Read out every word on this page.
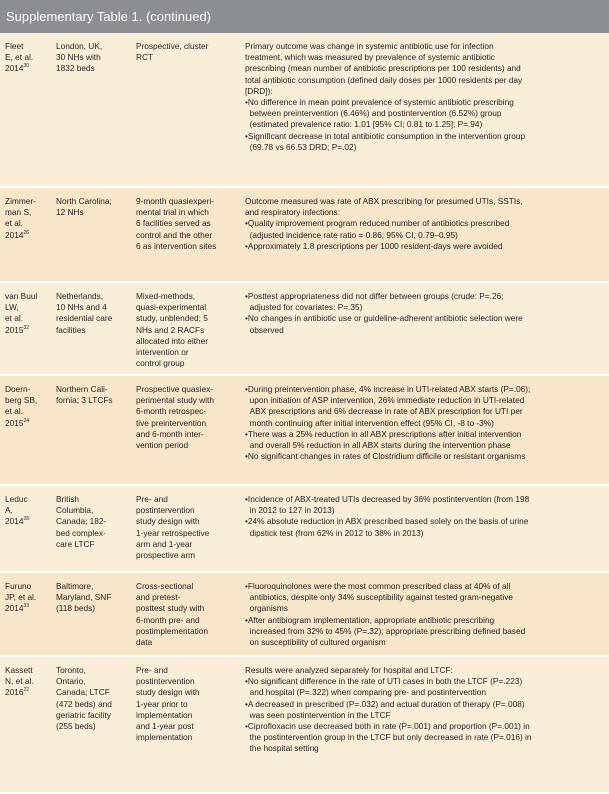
Supplementary Table 1. (continued)
Fleet
E, et al.
2014$^{30}$
London, UK,
30 NHs with
1832 beds
Prospective, cluster
RCT
Primary outcome was change in systemic antibiotic use for infection
treatment, which was measured by prevalence of systemic antibiotic
prescribing (mean number of antibiotic prescriptions per 100 residents) and
total antibiotic consumption (defined daily doses per 1000 residents per day
[DRD]):
•No difference in mean point prevalence of systemic antibiotic prescribing
between preintervention (6.46%) and postintervention (6.52%) group
(estimated prevalence ratio: 1.01 [95% CI; 0.81 to 1.25]; P=.94)
•Significant decrease in total antibiotic consumption in the intervention group
(69.78 vs 66.53 DRD; P=.02)
Zimmer-
man S,
et al.
2014$^{26}$
North Carolina;
12 NHs
9-month quasiexperi-
mental trial in which
6 facilities served as
control and the other
6 as intervention sites
Outcome measured was rate of ABX prescribing for presumed UTIs, SSTIs,
and respiratory infections:
•Quality improvement program reduced number of antibiotics prescribed
(adjusted incidence rate ratio = 0.86; 95% CI, 0.79–0.95)
•Approximately 1.8 prescriptions per 1000 resident-days were avoided
van Buul
LW,
et al.
2015$^{32}$
Netherlands,
10 NHs and 4
residential care
facilities
Mixed-methods,
quasi-experimental
study, unblended; 5
NHs and 2 RACFs
allocated into either
intervention or
control group
•Posttest appropriateness did not differ between groups (crude: P=.26;
adjusted for covariates: P=.35)
•No changes in antibiotic use or guideline-adherent antibiotic selection were
observed
Doern-
berg SB,
et al.
2015$^{24}$
Northern Cali-
fornia; 3 LTCFs
Prospective quasiex-
perimental study with
6-month retrospec-
tive preintervention
and 6-month inter-
vention period
•During preintervention phase, 4% increase in UTI-related ABX starts (P=.06);
upon initiation of ASP intervention, 26% immediate reduction in UTI-related
ABX prescriptions and 6% decrease in rate of ABX prescription for UTI per
month continuing after initial intervention effect (95% CI, -8 to -3%)
•There was a 25% reduction in all ABX prescriptions after initial intervention
and overall 5% reduction in all ABX starts during the intervention phase
•No significant changes in rates of Clostridium difficile or resistant organisms
Leduc
A,
2014$^{28}$
British
Columbia,
Canada; 182-
bed complex-
care LTCF
Pre- and
postintervention
study design with
1-year retrospective
arm and 1-year
prospective arm
•Incidence of ABX-treated UTIs decreased by 36% postintervention (from 198
in 2012 to 127 in 2013)
•24% absolute reduction in ABX prescribed based solely on the basis of urine
dipstick test (from 62% in 2012 to 38% in 2013)
Furuno
JP, et al.
2014$^{33}$
Baltimore,
Maryland, SNF
(118 beds)
Cross-sectional
and pretest-
posttest study with
6-month pre- and
postimplementation
data
•Fluoroquinolones were the most common prescribed class at 40% of all
antibiotics, despite only 34% susceptibility against tested gram-negative
organisms
•After antibiogram implementation, appropriate antibiotic prescribing
increased from 32% to 45% (P=.32); appropriate prescribing defined based
on susceptibility of cultured organism
Kassett
N, et al.
2016$^{22}$
Toronto,
Ontario,
Canada; LTCF
(472 beds) and
geriatric facility
(255 beds)
Pre- and
postintervention
study design with
1-year prior to
implementation
and 1-year post
implementation
Results were analyzed separately for hospital and LTCF:
•No significant difference in the rate of UTI cases in both the LTCF (P=.223)
and hospital (P=.322) when comparing pre- and postintervention
•A decreased in prescribed (P=.032) and actual duration of therapy (P=.008)
was seen postintervention in the LTCF
•Ciprofloxacin use decreased both in rate (P=.001) and proportion (P=.001) in
the postintervention group in the LTCF but only decreased in rate (P=.016) in
the hospital setting
